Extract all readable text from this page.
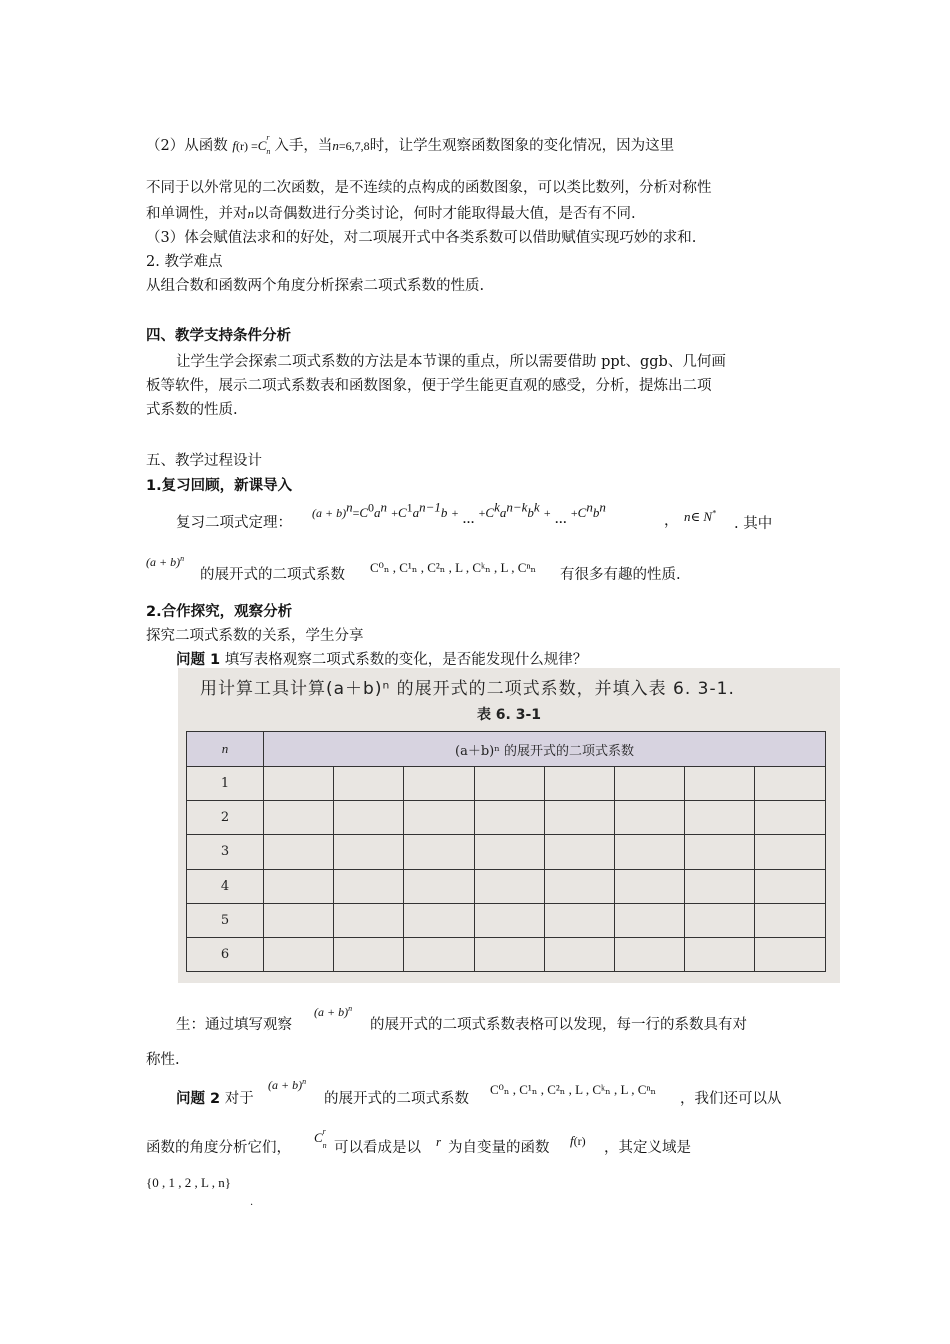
（2）从函数 f(r) =C
r
n 入手，当n=6,7,8时，让学生观察函数图象的变化情况，因为这里
不同于以外常见的二次函数，是不连续的点构成的函数图象，可以类比数列，分析对称性
和单调性，并对n以奇偶数进行分类讨论，何时才能取得最大值，是否有不同.
（3）体会赋值法求和的好处，对二项展开式中各类系数可以借助赋值实现巧妙的求和.
2. 教学难点
从组合数和函数两个角度分析探索二项式系数的性质.
四、教学支持条件分析
让学生学会探索二项式系数的方法是本节课的重点，所以需要借助 ppt、ggb、几何画
板等软件，展示二项式系数表和函数图象，便于学生能更直观的感受，分析，提炼出二项
式系数的性质.
五、教学过程设计
1.复习回顾，新课导入
复习二项式定理：
$(a + b)^n=C^0a^n +C^1a^{n-1}b$ + … $+C^ka^{n-k}b^k$ + … $+C^nb^n$
， n∈ N*
. 其中
$(a + b)^n$
的展开式的二项式系数 C⁰ₙ , C¹ₙ , C²ₙ , L , Cᵏₙ , L , Cⁿₙ 有很多有趣的性质.
2.合作探究，观察分析
探究二项式系数的关系，学生分享
问题 1 填写表格观察二项式系数的变化，是否能发现什么规律？
用计算工具计算(a＋b)ⁿ 的展开式的二项式系数，并填入表 6. 3-1.
表 6. 3-1
n	(a＋b)ⁿ 的展开式的二项式系数							
1								
2								
3								
4								
5								
6								
生：通过填写观察
$(a + b)^n$
的展开式的二项式系数表格可以发现，每一行的系数具有对
称性.
问题 2 对于
$(a + b)^n$
的展开式的二项式系数
C⁰ₙ , C¹ₙ , C²ₙ , L , Cᵏₙ , L , Cⁿₙ
，我们还可以从
函数的角度分析它们，
C r
n 可以看成是以 r 为自变量的函数 f(r) ，其定义域是
{0 , 1 , 2 , L , n}
.
